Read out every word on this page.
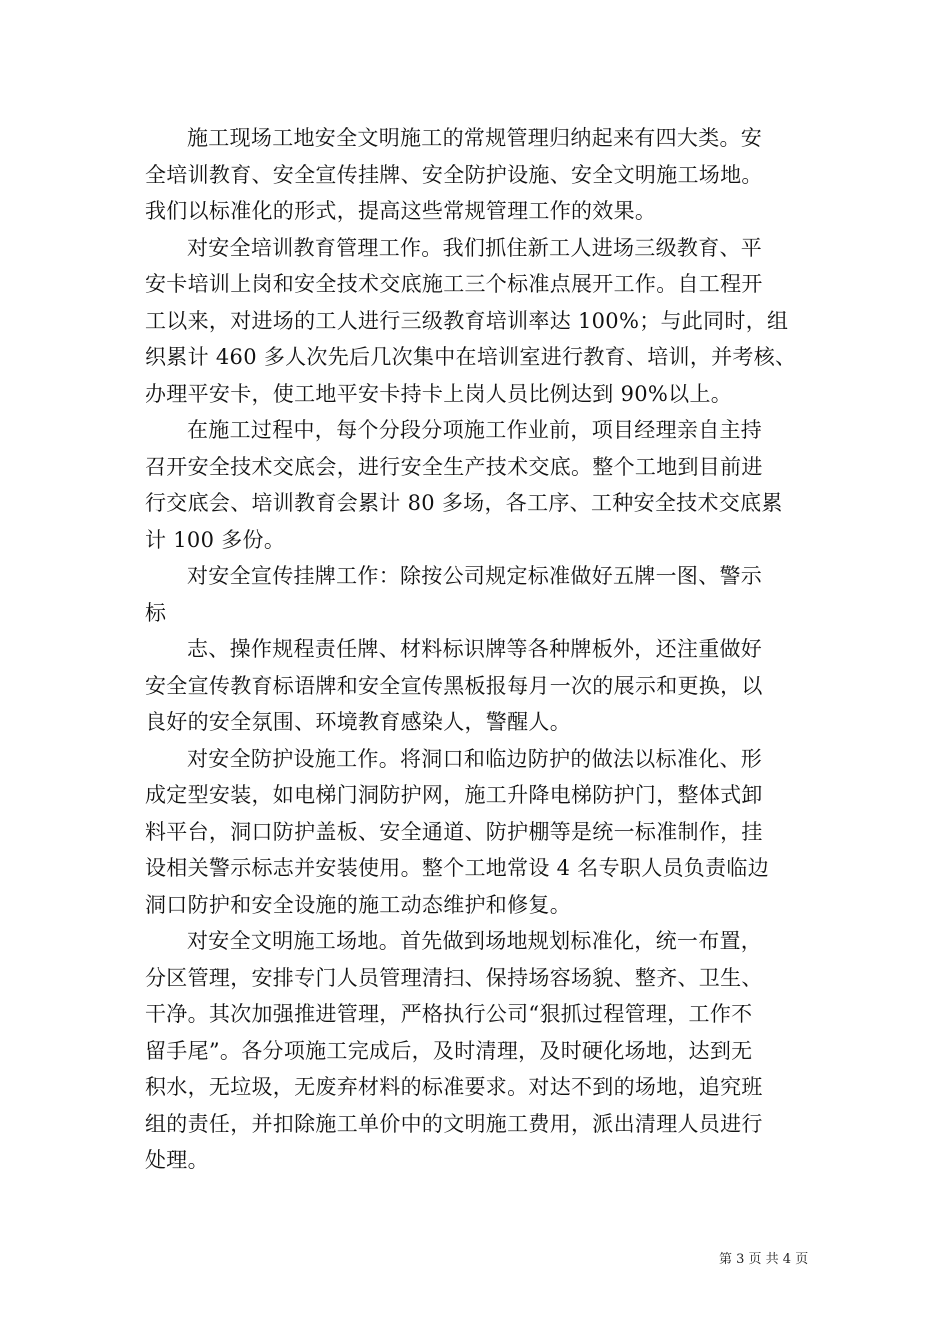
施工现场工地安全文明施工的常规管理归纳起来有四大类。安
全培训教育、安全宣传挂牌、安全防护设施、安全文明施工场地。
我们以标准化的形式，提高这些常规管理工作的效果。
对安全培训教育管理工作。我们抓住新工人进场三级教育、平
安卡培训上岗和安全技术交底施工三个标准点展开工作。自工程开
工以来，对进场的工人进行三级教育培训率达 100%；与此同时，组
织累计 460 多人次先后几次集中在培训室进行教育、培训，并考核、
办理平安卡，使工地平安卡持卡上岗人员比例达到 90%以上。
在施工过程中，每个分段分项施工作业前，项目经理亲自主持
召开安全技术交底会，进行安全生产技术交底。整个工地到目前进
行交底会、培训教育会累计 80 多场，各工序、工种安全技术交底累
计 100 多份。
对安全宣传挂牌工作：除按公司规定标准做好五牌一图、警示
标
志、操作规程责任牌、材料标识牌等各种牌板外，还注重做好
安全宣传教育标语牌和安全宣传黑板报每月一次的展示和更换，以
良好的安全氛围、环境教育感染人，警醒人。
对安全防护设施工作。将洞口和临边防护的做法以标准化、形
成定型安装，如电梯门洞防护网，施工升降电梯防护门，整体式卸
料平台，洞口防护盖板、安全通道、防护棚等是统一标准制作，挂
设相关警示标志并安装使用。整个工地常设 4 名专职人员负责临边
洞口防护和安全设施的施工动态维护和修复。
对安全文明施工场地。首先做到场地规划标准化，统一布置，
分区管理，安排专门人员管理清扫、保持场容场貌、整齐、卫生、
干净。其次加强推进管理，严格执行公司“狠抓过程管理，工作不
留手尾”。各分项施工完成后，及时清理，及时硬化场地，达到无
积水，无垃圾，无废弃材料的标准要求。对达不到的场地，追究班
组的责任，并扣除施工单价中的文明施工费用，派出清理人员进行
处理。
第 3 页 共 4 页
